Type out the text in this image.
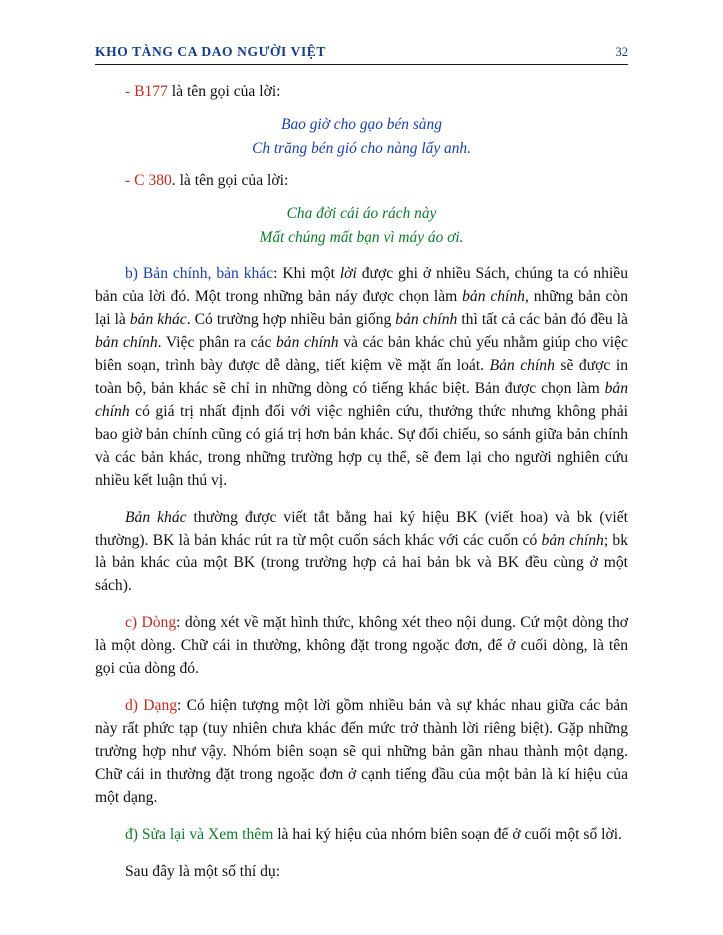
KHO TÀNG CA DAO NGƯỜI VIỆT	32

- B177 là tên gọi của lời:

Bao giờ cho gạo bén sàng

Ch trăng bén gió cho nàng lấy anh.

- C 380. là tên gọi của lời:

Cha đời cái áo rách này

Mất chúng mất bạn vì máy áo ơi.

b) Bản chính, bản khác: Khi một lời được ghi ở nhiều Sách, chúng ta có nhiều bản của lời đó. Một trong những bản náy được chọn làm bản chính, những bản còn lại là bản khác. Có trường hợp nhiều bản giống bản chính thì tất cả các bản đó đều là bản chính. Việc phân ra các bản chính và các bản khác chủ yếu nhằm giúp cho việc biên soạn, trình bày được dễ dàng, tiết kiệm về mặt ấn loát. Bản chính sẽ được in toàn bộ, bản khác sẽ chỉ in những dòng có tiếng khác biệt. Bản được chọn làm bản chính có giá trị nhất định đối với việc nghiên cứu, thưởng thức nhưng không phải bao giờ bản chính cũng có giá trị hơn bản khác. Sự đối chiếu, so sánh giữa bản chính và các bản khác, trong những trường hợp cụ thể, sẽ đem lại cho người nghiên cứu nhiều kết luận thú vị.

Bản khác thường được viết tắt bằng hai ký hiệu BK (viết hoa) và bk (viết thường). BK là bản khác rút ra từ một cuốn sách khác với các cuốn có bản chính; bk là bản khác của một BK (trong trường hợp cả hai bản bk và BK đều cùng ở một sách).

c) Dòng: dòng xét về mặt hình thức, không xét theo nội dung. Cứ một dòng thơ là một dòng. Chữ cái in thường, không đặt trong ngoặc đơn, để ở cuối dòng, là tên gọi của dòng đó.

d) Dạng: Có hiện tượng một lời gồm nhiều bản và sự khác nhau giữa các bản này rất phức tạp (tuy nhiên chưa khác đến mức trở thành lời riêng biệt). Gặp những trường hợp như vậy. Nhóm biên soạn sẽ qui những bản gần nhau thành một dạng. Chữ cái in thường đặt trong ngoặc đơn ở cạnh tiếng đầu của một bản là kí hiệu của một dạng.

đ) Sửa lại và Xem thêm là hai ký hiệu của nhóm biên soạn để ở cuối một số lời.

Sau đây là một số thí dụ:
